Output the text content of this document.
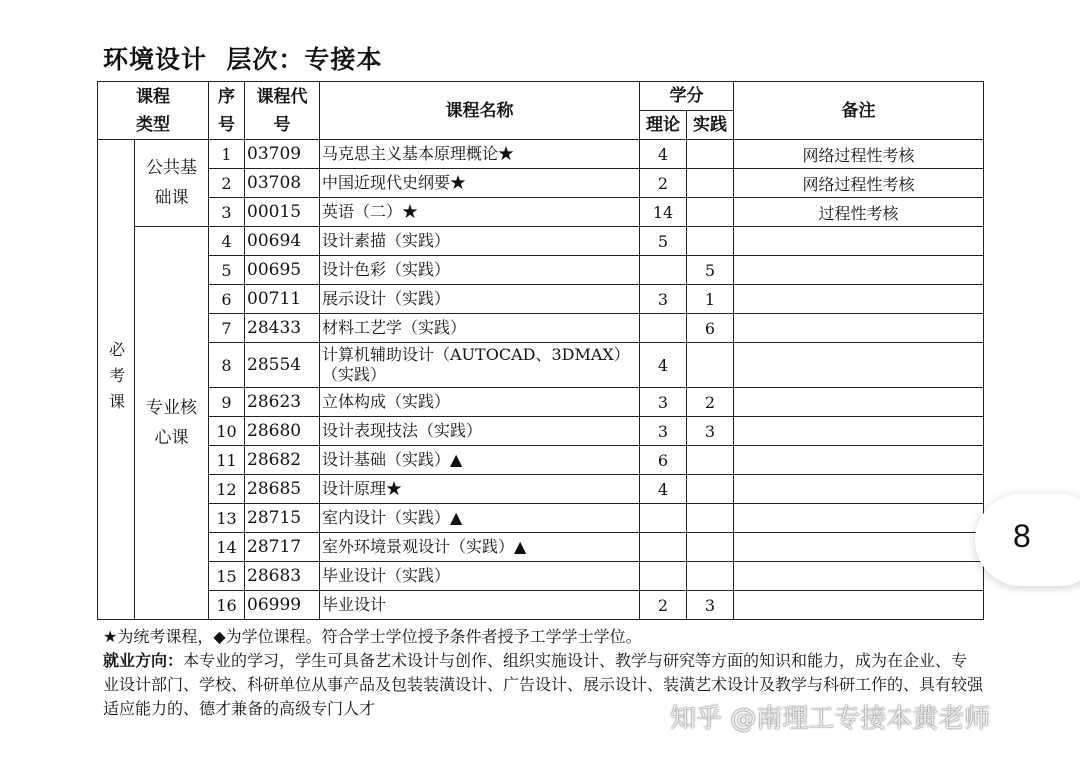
环境设计  层次：专接本
课程类型		序号	课程代号	课程名称	学分		备注
					理论	实践	
必考课	公共基础课	1	03709	马克思主义基本原理概论★	4		网络过程性考核
		2	03708	中国近现代史纲要★	2		网络过程性考核
		3	00015	英语（二）★	14		过程性考核
	专业核心课	4	00694	设计素描（实践）	5		
		5	00695	设计色彩（实践）		5	
		6	00711	展示设计（实践）	3	1	
		7	28433	材料工艺学（实践）		6	
		8	28554	计算机辅助设计（AUTOCAD、3DMAX）（实践）	4		
		9	28623	立体构成（实践）	3	2	
		10	28680	设计表现技法（实践）	3	3	
		11	28682	设计基础（实践）▲	6		
		12	28685	设计原理★	4		
		13	28715	室内设计（实践）▲			
		14	28717	室外环境景观设计（实践）▲			
		15	28683	毕业设计（实践）			
		16	06999	毕业设计	2	3	

★为统考课程，◆为学位课程。符合学士学位授予条件者授予工学学士学位。

就业方向：本专业的学习，学生可具备艺术设计与创作、组织实施设计、教学与研究等方面的知识和能力，成为在企业、专业设计部门、学校、科研单位从事产品及包装装潢设计、广告设计、展示设计、装潢艺术设计及教学与科研工作的、具有较强适应能力的、德才兼备的高级专门人才

8
知乎 @南理工专接本黄老师
